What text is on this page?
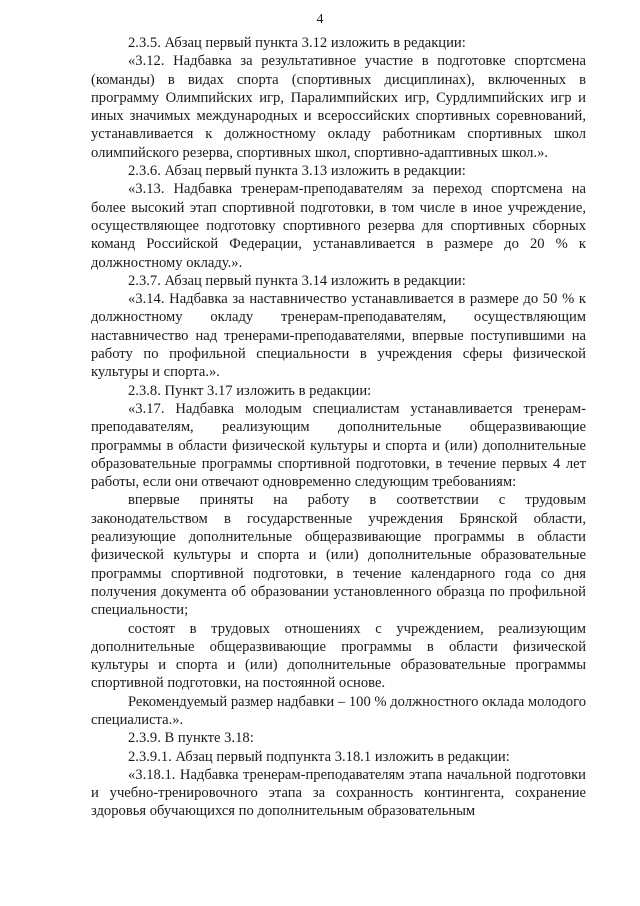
4

2.3.5. Абзац первый пункта 3.12 изложить в редакции:

«3.12. Надбавка за результативное участие в подготовке спортсмена (команды) в видах спорта (спортивных дисциплинах), включенных в программу Олимпийских игр, Паралимпийских игр, Сурдлимпийских игр и иных значимых международных и всероссийских спортивных соревнований, устанавливается к должностному окладу работникам спортивных школ олимпийского резерва, спортивных школ, спортивно-адаптивных школ.».

2.3.6. Абзац первый пункта 3.13 изложить в редакции:

«3.13. Надбавка тренерам-преподавателям за переход спортсмена на более высокий этап спортивной подготовки, в том числе в иное учреждение, осуществляющее подготовку спортивного резерва для спортивных сборных команд Российской Федерации, устанавливается в размере до 20 % к должностному окладу.».

2.3.7. Абзац первый пункта 3.14 изложить в редакции:

«3.14. Надбавка за наставничество устанавливается в размере до 50 % к должностному окладу тренерам-преподавателям, осуществляющим наставничество над тренерами-преподавателями, впервые поступившими на работу по профильной специальности в учреждения сферы физической культуры и спорта.».

2.3.8. Пункт 3.17 изложить в редакции:

«3.17. Надбавка молодым специалистам устанавливается тренерам-преподавателям, реализующим дополнительные общеразвивающие программы в области физической культуры и спорта и (или) дополнительные образовательные программы спортивной подготовки, в течение первых 4 лет работы, если они отвечают одновременно следующим требованиям:

впервые приняты на работу в соответствии с трудовым законодательством в государственные учреждения Брянской области, реализующие дополнительные общеразвивающие программы в области физической культуры и спорта и (или) дополнительные образовательные программы спортивной подготовки, в течение календарного года со дня получения документа об образовании установленного образца по профильной специальности;

состоят в трудовых отношениях с учреждением, реализующим дополнительные общеразвивающие программы в области физической культуры и спорта и (или) дополнительные образовательные программы спортивной подготовки, на постоянной основе.

Рекомендуемый размер надбавки – 100 % должностного оклада молодого специалиста.».

2.3.9. В пункте 3.18:

2.3.9.1. Абзац первый подпункта 3.18.1 изложить в редакции:

«3.18.1. Надбавка тренерам-преподавателям этапа начальной подготовки и учебно-тренировочного этапа за сохранность контингента, сохранение здоровья обучающихся по дополнительным образовательным
